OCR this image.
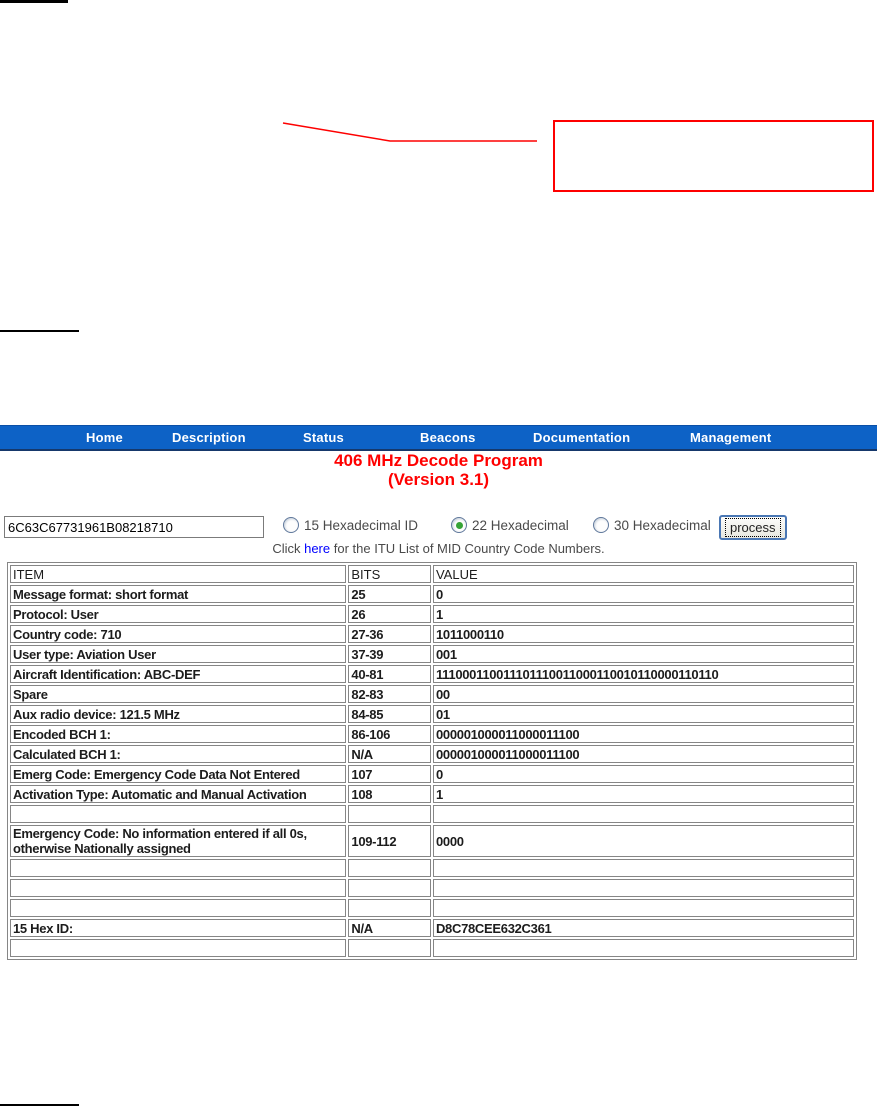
Home	Description	Status	Beacons	Documentation	Management
406 MHz Decode Program
(Version 3.1)
6C63C67731961B08218710
15 Hexadecimal ID	22 Hexadecimal	30 Hexadecimal	process
Click here for the ITU List of MID Country Code Numbers.
ITEM	BITS	VALUE
Message format: short format	25	0
Protocol: User	26	1
Country code: 710	27-36	1011000110
User type: Aviation User	37-39	001
Aircraft Identification: ABC-DEF	40-81	111000110011101110011000110010110000110110
Spare	82-83	00
Aux radio device: 121.5 MHz	84-85	01
Encoded BCH 1:	86-106	000001000011000011100
Calculated BCH 1:	N/A	000001000011000011100
Emerg Code: Emergency Code Data Not Entered	107	0
Activation Type: Automatic and Manual Activation	108	1

Emergency Code: No information entered if all 0s, otherwise Nationally assigned	109-112	0000

15 Hex ID:	N/A	D8C78CEE632C361
